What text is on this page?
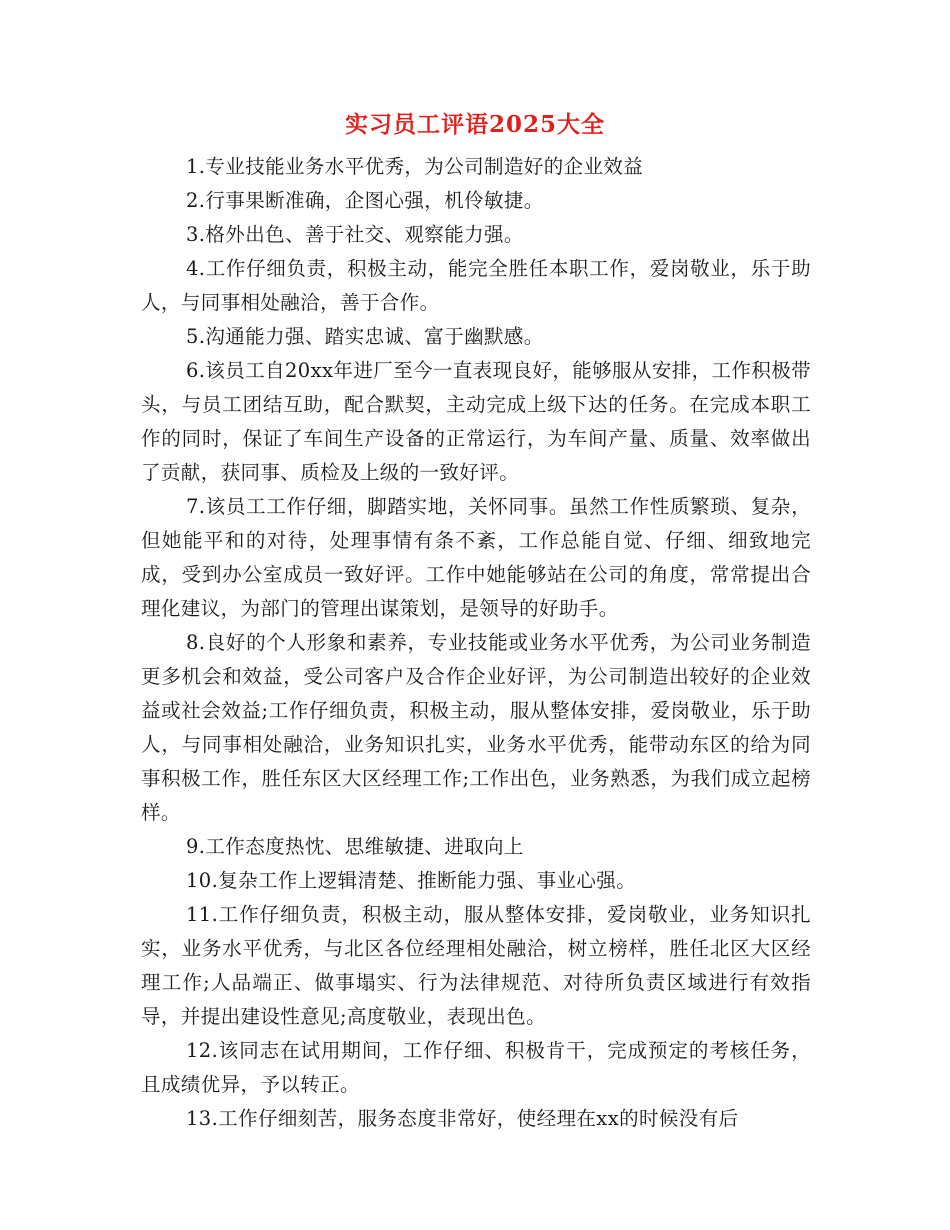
实习员工评语2025大全

1.专业技能业务水平优秀，为公司制造好的企业效益

2.行事果断准确，企图心强，机伶敏捷。

3.格外出色、善于社交、观察能力强。

4.工作仔细负责，积极主动，能完全胜任本职工作，爱岗敬业，乐于助人，与同事相处融洽，善于合作。

5.沟通能力强、踏实忠诚、富于幽默感。

6.该员工自20xx年进厂至今一直表现良好，能够服从安排，工作积极带头，与员工团结互助，配合默契，主动完成上级下达的任务。在完成本职工作的同时，保证了车间生产设备的正常运行，为车间产量、质量、效率做出了贡献，获同事、质检及上级的一致好评。

7.该员工工作仔细，脚踏实地，关怀同事。虽然工作性质繁琐、复杂，但她能平和的对待，处理事情有条不紊，工作总能自觉、仔细、细致地完成，受到办公室成员一致好评。工作中她能够站在公司的角度，常常提出合理化建议，为部门的管理出谋策划，是领导的好助手。

8.良好的个人形象和素养，专业技能或业务水平优秀，为公司业务制造更多机会和效益，受公司客户及合作企业好评，为公司制造出较好的企业效益或社会效益;工作仔细负责，积极主动，服从整体安排，爱岗敬业，乐于助人，与同事相处融洽，业务知识扎实，业务水平优秀，能带动东区的给为同事积极工作，胜任东区大区经理工作;工作出色，业务熟悉，为我们成立起榜样。

9.工作态度热忱、思维敏捷、进取向上

10.复杂工作上逻辑清楚、推断能力强、事业心强。

11.工作仔细负责，积极主动，服从整体安排，爱岗敬业，业务知识扎实，业务水平优秀，与北区各位经理相处融洽，树立榜样，胜任北区大区经理工作;人品端正、做事塌实、行为法律规范、对待所负责区域进行有效指导，并提出建设性意见;高度敬业，表现出色。

12.该同志在试用期间，工作仔细、积极肯干，完成预定的考核任务，且成绩优异，予以转正。

13.工作仔细刻苦，服务态度非常好，使经理在xx的时候没有后
